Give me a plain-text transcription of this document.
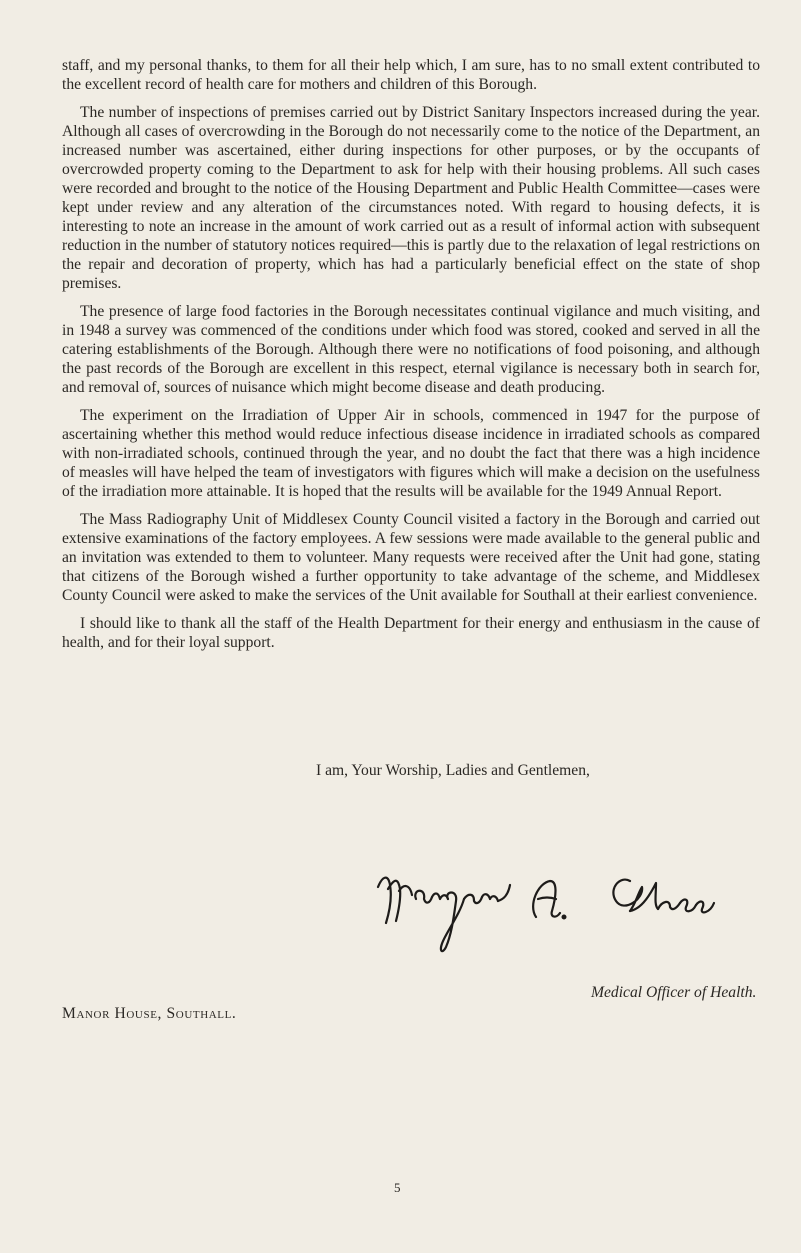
staff, and my personal thanks, to them for all their help which, I am sure, has to no small extent contributed to the excellent record of health care for mothers and children of this Borough.

The number of inspections of premises carried out by District Sanitary Inspectors increased during the year. Although all cases of overcrowding in the Borough do not necessarily come to the notice of the Department, an increased number was ascertained, either during inspections for other purposes, or by the occupants of overcrowded property coming to the Department to ask for help with their housing problems. All such cases were recorded and brought to the notice of the Housing Department and Public Health Committee—cases were kept under review and any alteration of the circumstances noted. With regard to housing defects, it is interesting to note an increase in the amount of work carried out as a result of informal action with subsequent reduction in the number of statutory notices required—this is partly due to the relaxation of legal restrictions on the repair and decoration of property, which has had a particularly beneficial effect on the state of shop premises.

The presence of large food factories in the Borough necessitates continual vigilance and much visiting, and in 1948 a survey was commenced of the conditions under which food was stored, cooked and served in all the catering establishments of the Borough. Although there were no notifications of food poisoning, and although the past records of the Borough are excellent in this respect, eternal vigilance is necessary both in search for, and removal of, sources of nuisance which might become disease and death producing.

The experiment on the Irradiation of Upper Air in schools, commenced in 1947 for the purpose of ascertaining whether this method would reduce infectious disease incidence in irradiated schools as compared with non-irradiated schools, continued through the year, and no doubt the fact that there was a high incidence of measles will have helped the team of investigators with figures which will make a decision on the usefulness of the irradiation more attainable. It is hoped that the results will be available for the 1949 Annual Report.

The Mass Radiography Unit of Middlesex County Council visited a factory in the Borough and carried out extensive examinations of the factory employees. A few sessions were made available to the general public and an invitation was extended to them to volunteer. Many requests were received after the Unit had gone, stating that citizens of the Borough wished a further opportunity to take advantage of the scheme, and Middlesex County Council were asked to make the services of the Unit available for Southall at their earliest convenience.

I should like to thank all the staff of the Health Department for their energy and enthusiasm in the cause of health, and for their loyal support.

I am, Your Worship, Ladies and Gentlemen,
Medical Officer of Health.
Manor House, Southall.
5
